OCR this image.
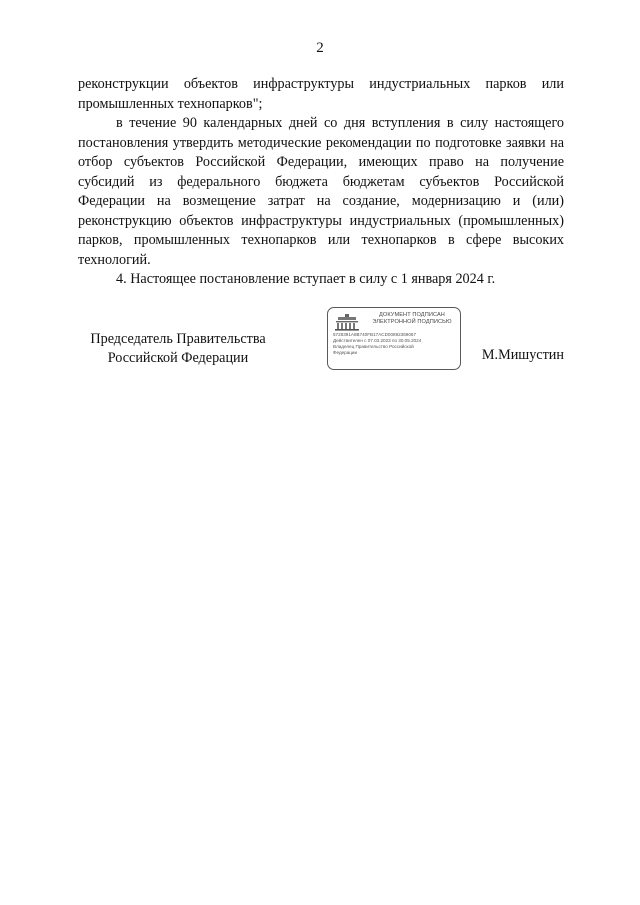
2

реконструкции объектов инфраструктуры индустриальных парков или промышленных технопарков";

в течение 90 календарных дней со дня вступления в силу настоящего постановления утвердить методические рекомендации по подготовке заявки на отбор субъектов Российской Федерации, имеющих право на получение субсидий из федерального бюджета бюджетам субъектов Российской Федерации на возмещение затрат на создание, модернизацию и (или) реконструкцию объектов инфраструктуры индустриальных (промышленных) парков, промышленных технопарков или технопарков в сфере высоких технологий.

4. Настоящее постановление вступает в силу с 1 января 2024 г.

Председатель Правительства
Российской Федерации
ДОКУМЕНТ ПОДПИСАН
ЭЛЕКТРОННОЙ ПОДПИСЬЮ
5728391A8B740FB17ACD00892369067
Действителен с 07.03.2023 по 30.05.2024
Владелец Правительство Российской
Федерации	М.Мишустин
